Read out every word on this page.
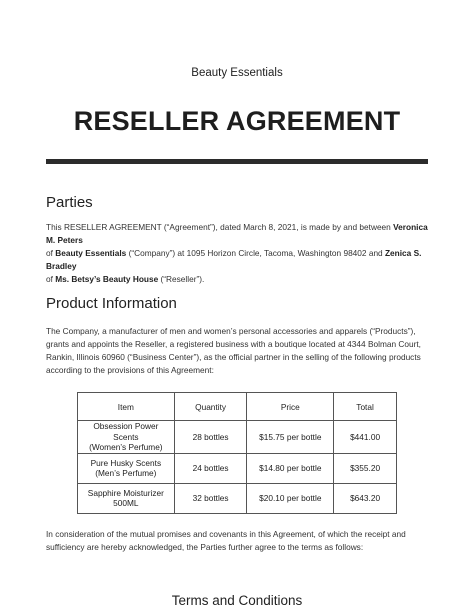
Beauty Essentials
RESELLER AGREEMENT
Parties
This RESELLER AGREEMENT (“Agreement”), dated March 8, 2021, is made by and between Veronica M. Peters
of Beauty Essentials (“Company”) at 1095 Horizon Circle, Tacoma, Washington 98402 and Zenica S. Bradley
of Ms. Betsy’s Beauty House (“Reseller”).
Product Information
The Company, a manufacturer of men and women’s personal accessories and apparels (“Products”), grants and appoints the Reseller, a registered business with a boutique located at 4344 Bolman Court, Rankin, Illinois 60960 (“Business Center”), as the official partner in the selling of the following products according to the provisions of this Agreement:
Item	Quantity	Price	Total
Obsession Power Scents
(Women’s Perfume)	28 bottles	$15.75 per bottle	$441.00
Pure Husky Scents
(Men’s Perfume)	24 bottles	$14.80 per bottle	$355.20
Sapphire Moisturizer
500ML	32 bottles	$20.10 per bottle	$643.20
In consideration of the mutual promises and covenants in this Agreement, of which the receipt and sufficiency are hereby acknowledged, the Parties further agree to the terms as follows:
Terms and Conditions
